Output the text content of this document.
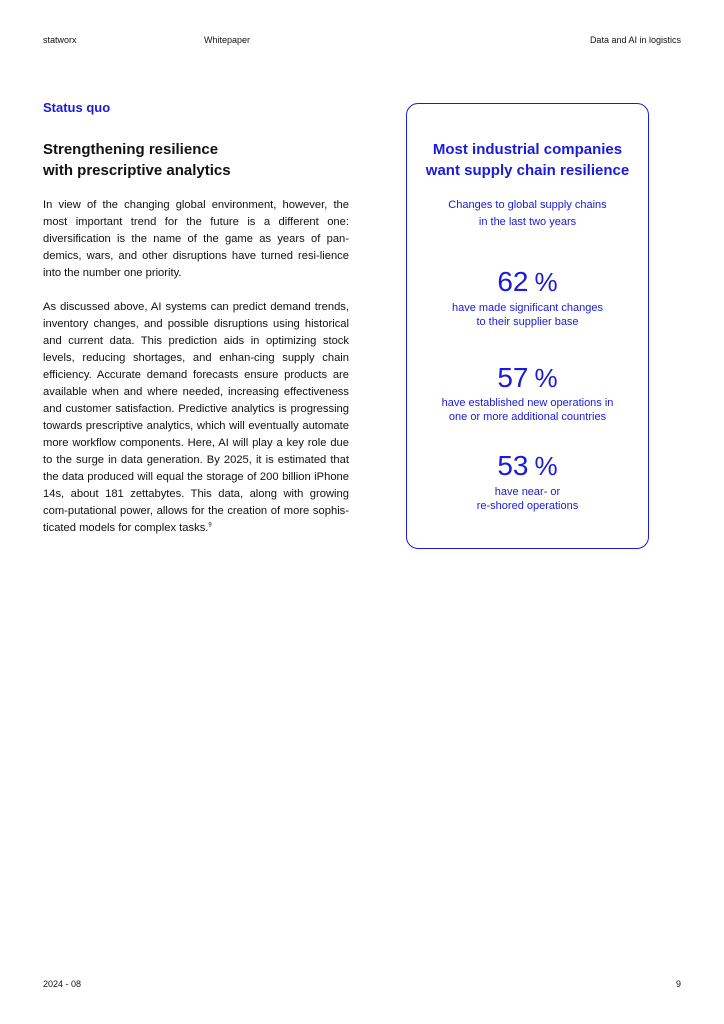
statworx	Whitepaper	Data and AI in logistics
Status quo
Strengthening resilience
with prescriptive analytics
In view of the changing global environment, however, the most important trend for the future is a different one: diversification is the name of the game as years of pan-demics, wars, and other disruptions have turned resi-lience into the number one priority.
As discussed above, AI systems can predict demand trends, inventory changes, and possible disruptions using historical and current data. This prediction aids in optimizing stock levels, reducing shortages, and enhan-cing supply chain efficiency. Accurate demand forecasts ensure products are available when and where needed, increasing effectiveness and customer satisfaction. Predictive analytics is progressing towards prescriptive analytics, which will eventually automate more workflow components. Here, AI will play a key role due to the surge in data generation. By 2025, it is estimated that the data produced will equal the storage of 200 billion iPhone 14s, about 181 zettabytes. This data, along with growing com-putational power, allows for the creation of more sophis-ticated models for complex tasks.$^9$
Most industrial companies
want supply chain resilience
Changes to global supply chains
in the last two years
62 %
have made significant changes
to their supplier base
57 %
have established new operations in
one or more additional countries
53 %
have near- or
re-shored operations
2024 - 08	9
